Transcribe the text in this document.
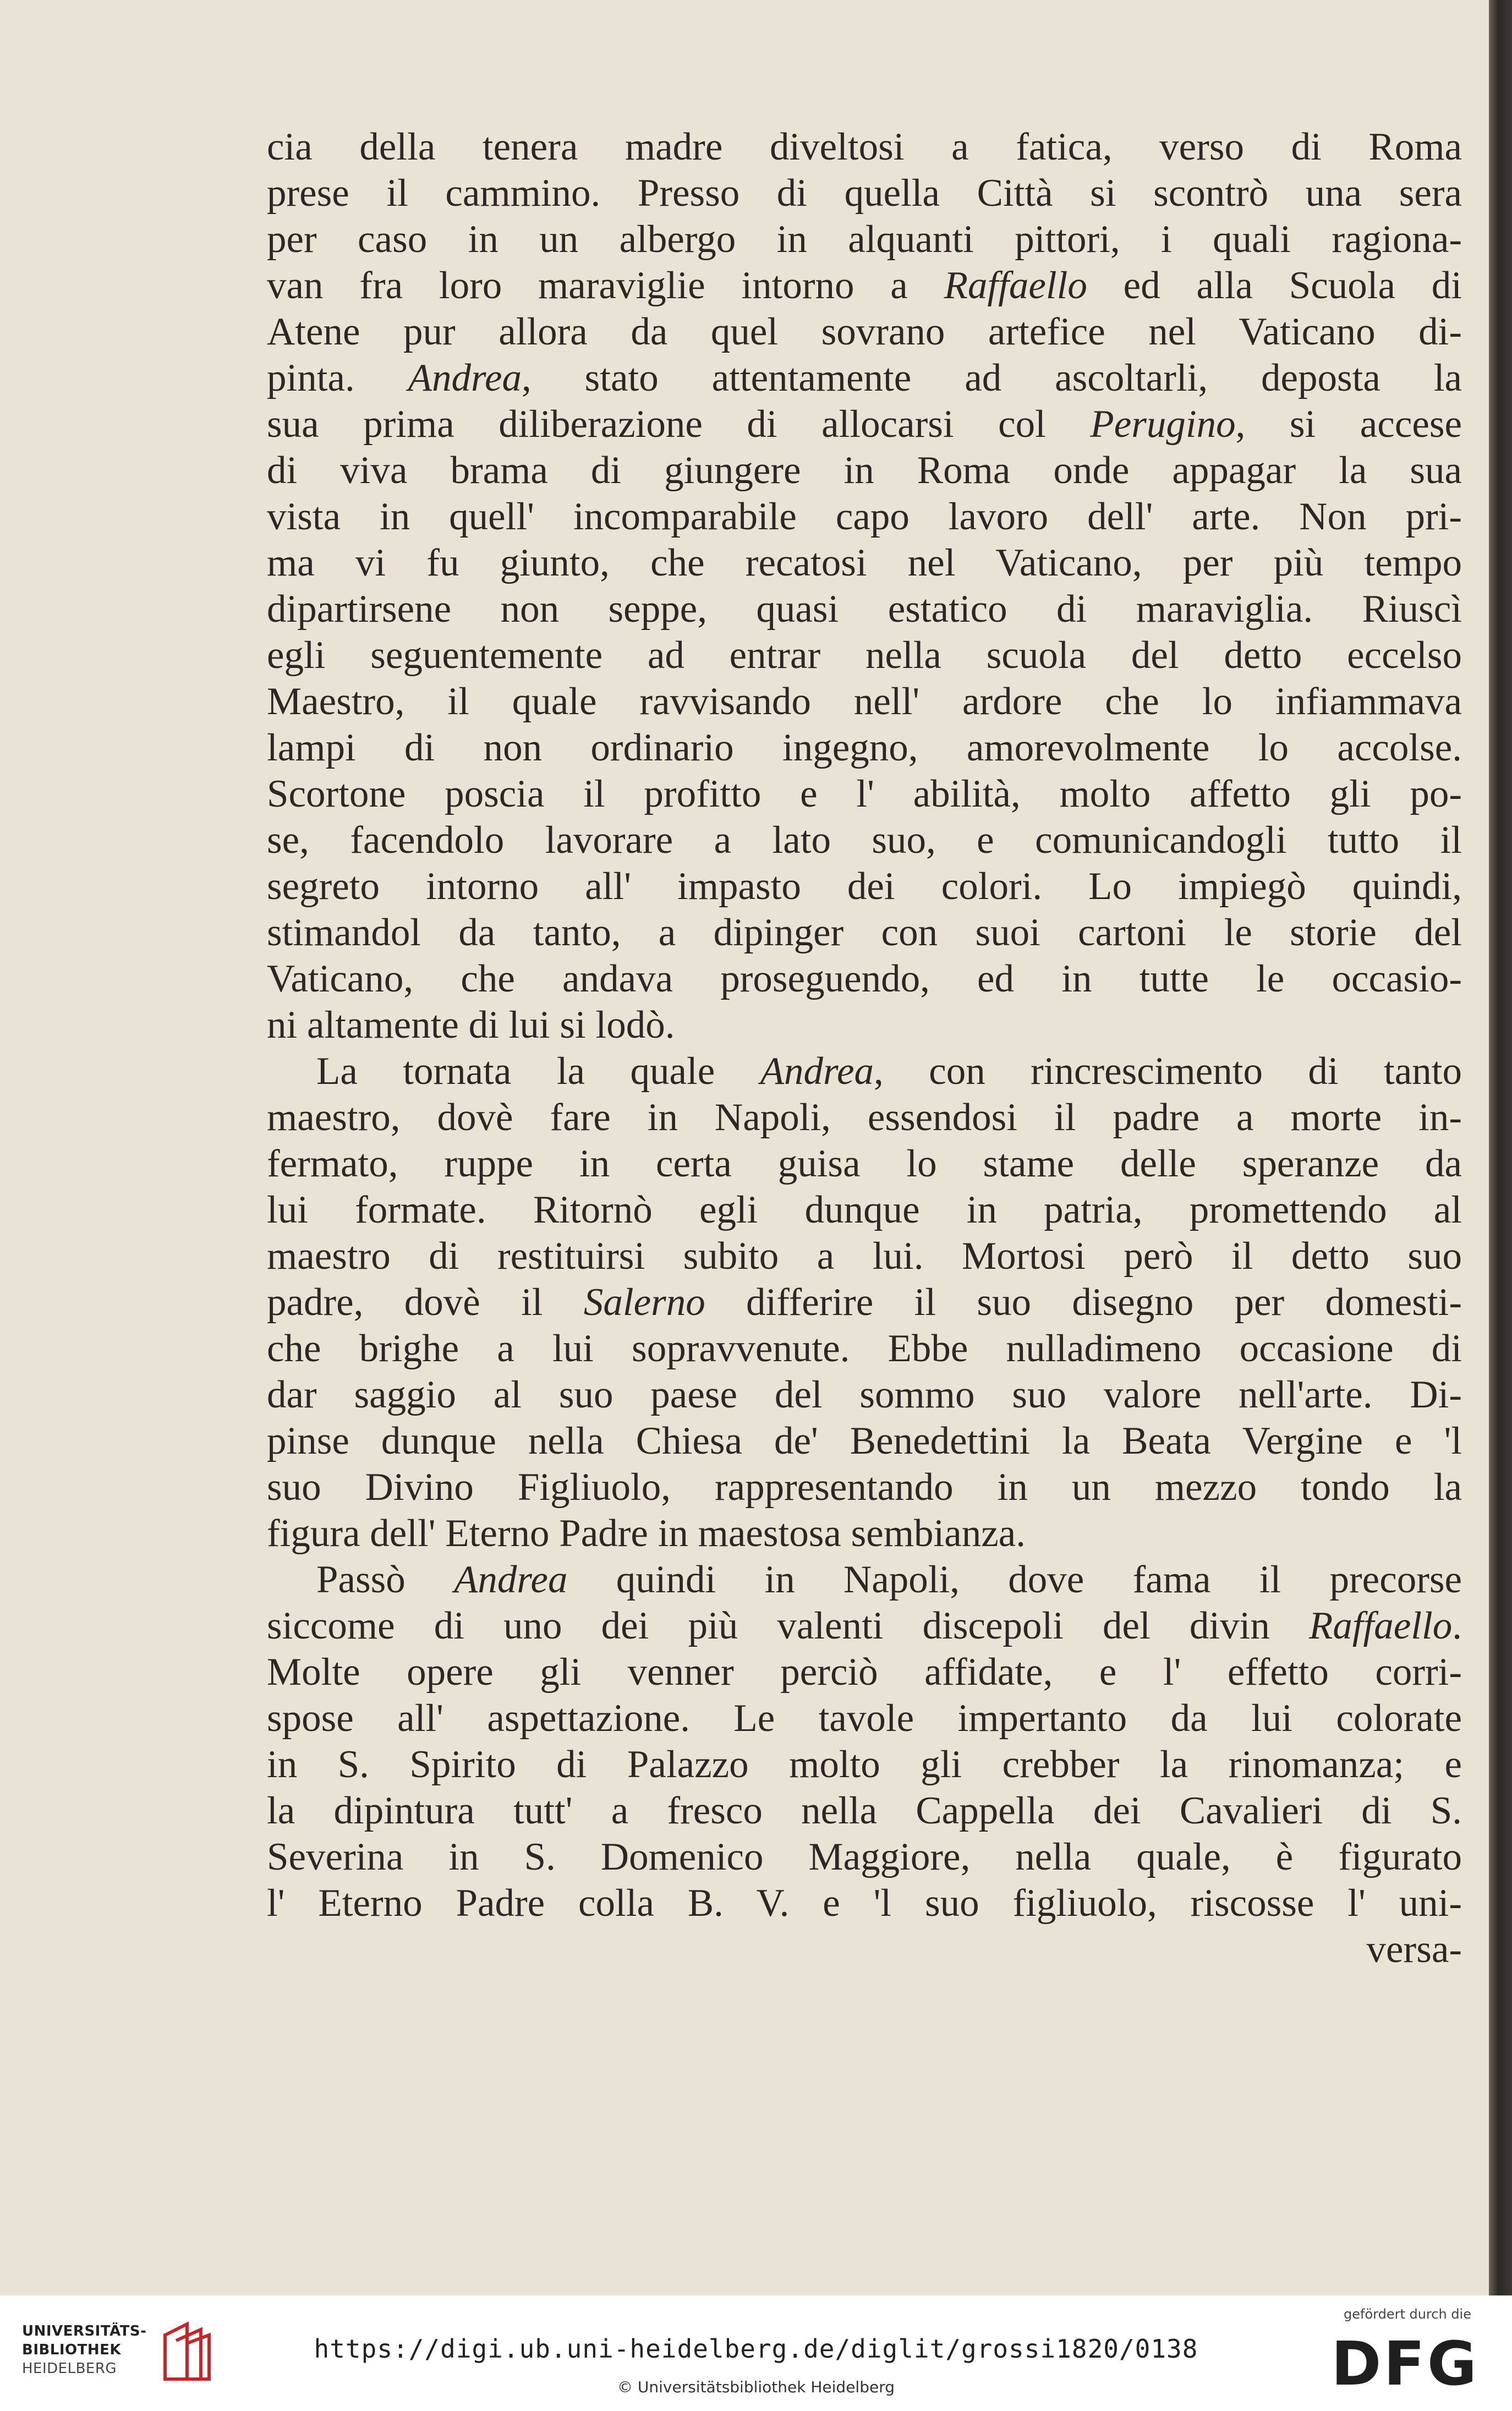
cia della tenera madre diveltosi a fatica, verso di Roma
prese il cammino. Presso di quella Città si scontrò una sera
per caso in un albergo in alquanti pittori, i quali ragiona-
van fra loro maraviglie intorno a Raffaello ed alla Scuola di
Atene pur allora da quel sovrano artefice nel Vaticano di-
pinta. Andrea, stato attentamente ad ascoltarli, deposta la
sua prima diliberazione di allocarsi col Perugino, si accese
di viva brama di giungere in Roma onde appagar la sua
vista in quell' incomparabile capo lavoro dell' arte. Non pri-
ma vi fu giunto, che recatosi nel Vaticano, per più tempo
dipartirsene non seppe, quasi estatico di maraviglia. Riuscì
egli seguentemente ad entrar nella scuola del detto eccelso
Maestro, il quale ravvisando nell' ardore che lo infiammava
lampi di non ordinario ingegno, amorevolmente lo accolse.
Scortone poscia il profitto e l' abilità, molto affetto gli po-
se, facendolo lavorare a lato suo, e comunicandogli tutto il
segreto intorno all' impasto dei colori. Lo impiegò quindi,
stimandol da tanto, a dipinger con suoi cartoni le storie del
Vaticano, che andava proseguendo, ed in tutte le occasio-
ni altamente di lui si lodò.
La tornata la quale Andrea, con rincrescimento di tanto
maestro, dovè fare in Napoli, essendosi il padre a morte in-
fermato, ruppe in certa guisa lo stame delle speranze da
lui formate. Ritornò egli dunque in patria, promettendo al
maestro di restituirsi subito a lui. Mortosi però il detto suo
padre, dovè il Salerno differire il suo disegno per domesti-
che brighe a lui sopravvenute. Ebbe nulladimeno occasione di
dar saggio al suo paese del sommo suo valore nell'arte. Di-
pinse dunque nella Chiesa de' Benedettini la Beata Vergine e 'l
suo Divino Figliuolo, rappresentando in un mezzo tondo la
figura dell' Eterno Padre in maestosa sembianza.
Passò Andrea quindi in Napoli, dove fama il precorse
siccome di uno dei più valenti discepoli del divin Raffaello.
Molte opere gli venner perciò affidate, e l' effetto corri-
spose all' aspettazione. Le tavole impertanto da lui colorate
in S. Spirito di Palazzo molto gli crebber la rinomanza; e
la dipintura tutt' a fresco nella Cappella dei Cavalieri di S.
Severina in S. Domenico Maggiore, nella quale, è figurato
l' Eterno Padre colla B. V. e 'l suo figliuolo, riscosse l' uni-
versa-
UNIVERSITÄTS-
BIBLIOTHEK
HEIDELBERG
https://digi.ub.uni-heidelberg.de/diglit/grossi1820/0138
© Universitätsbibliothek Heidelberg
gefördert durch die
DFG
